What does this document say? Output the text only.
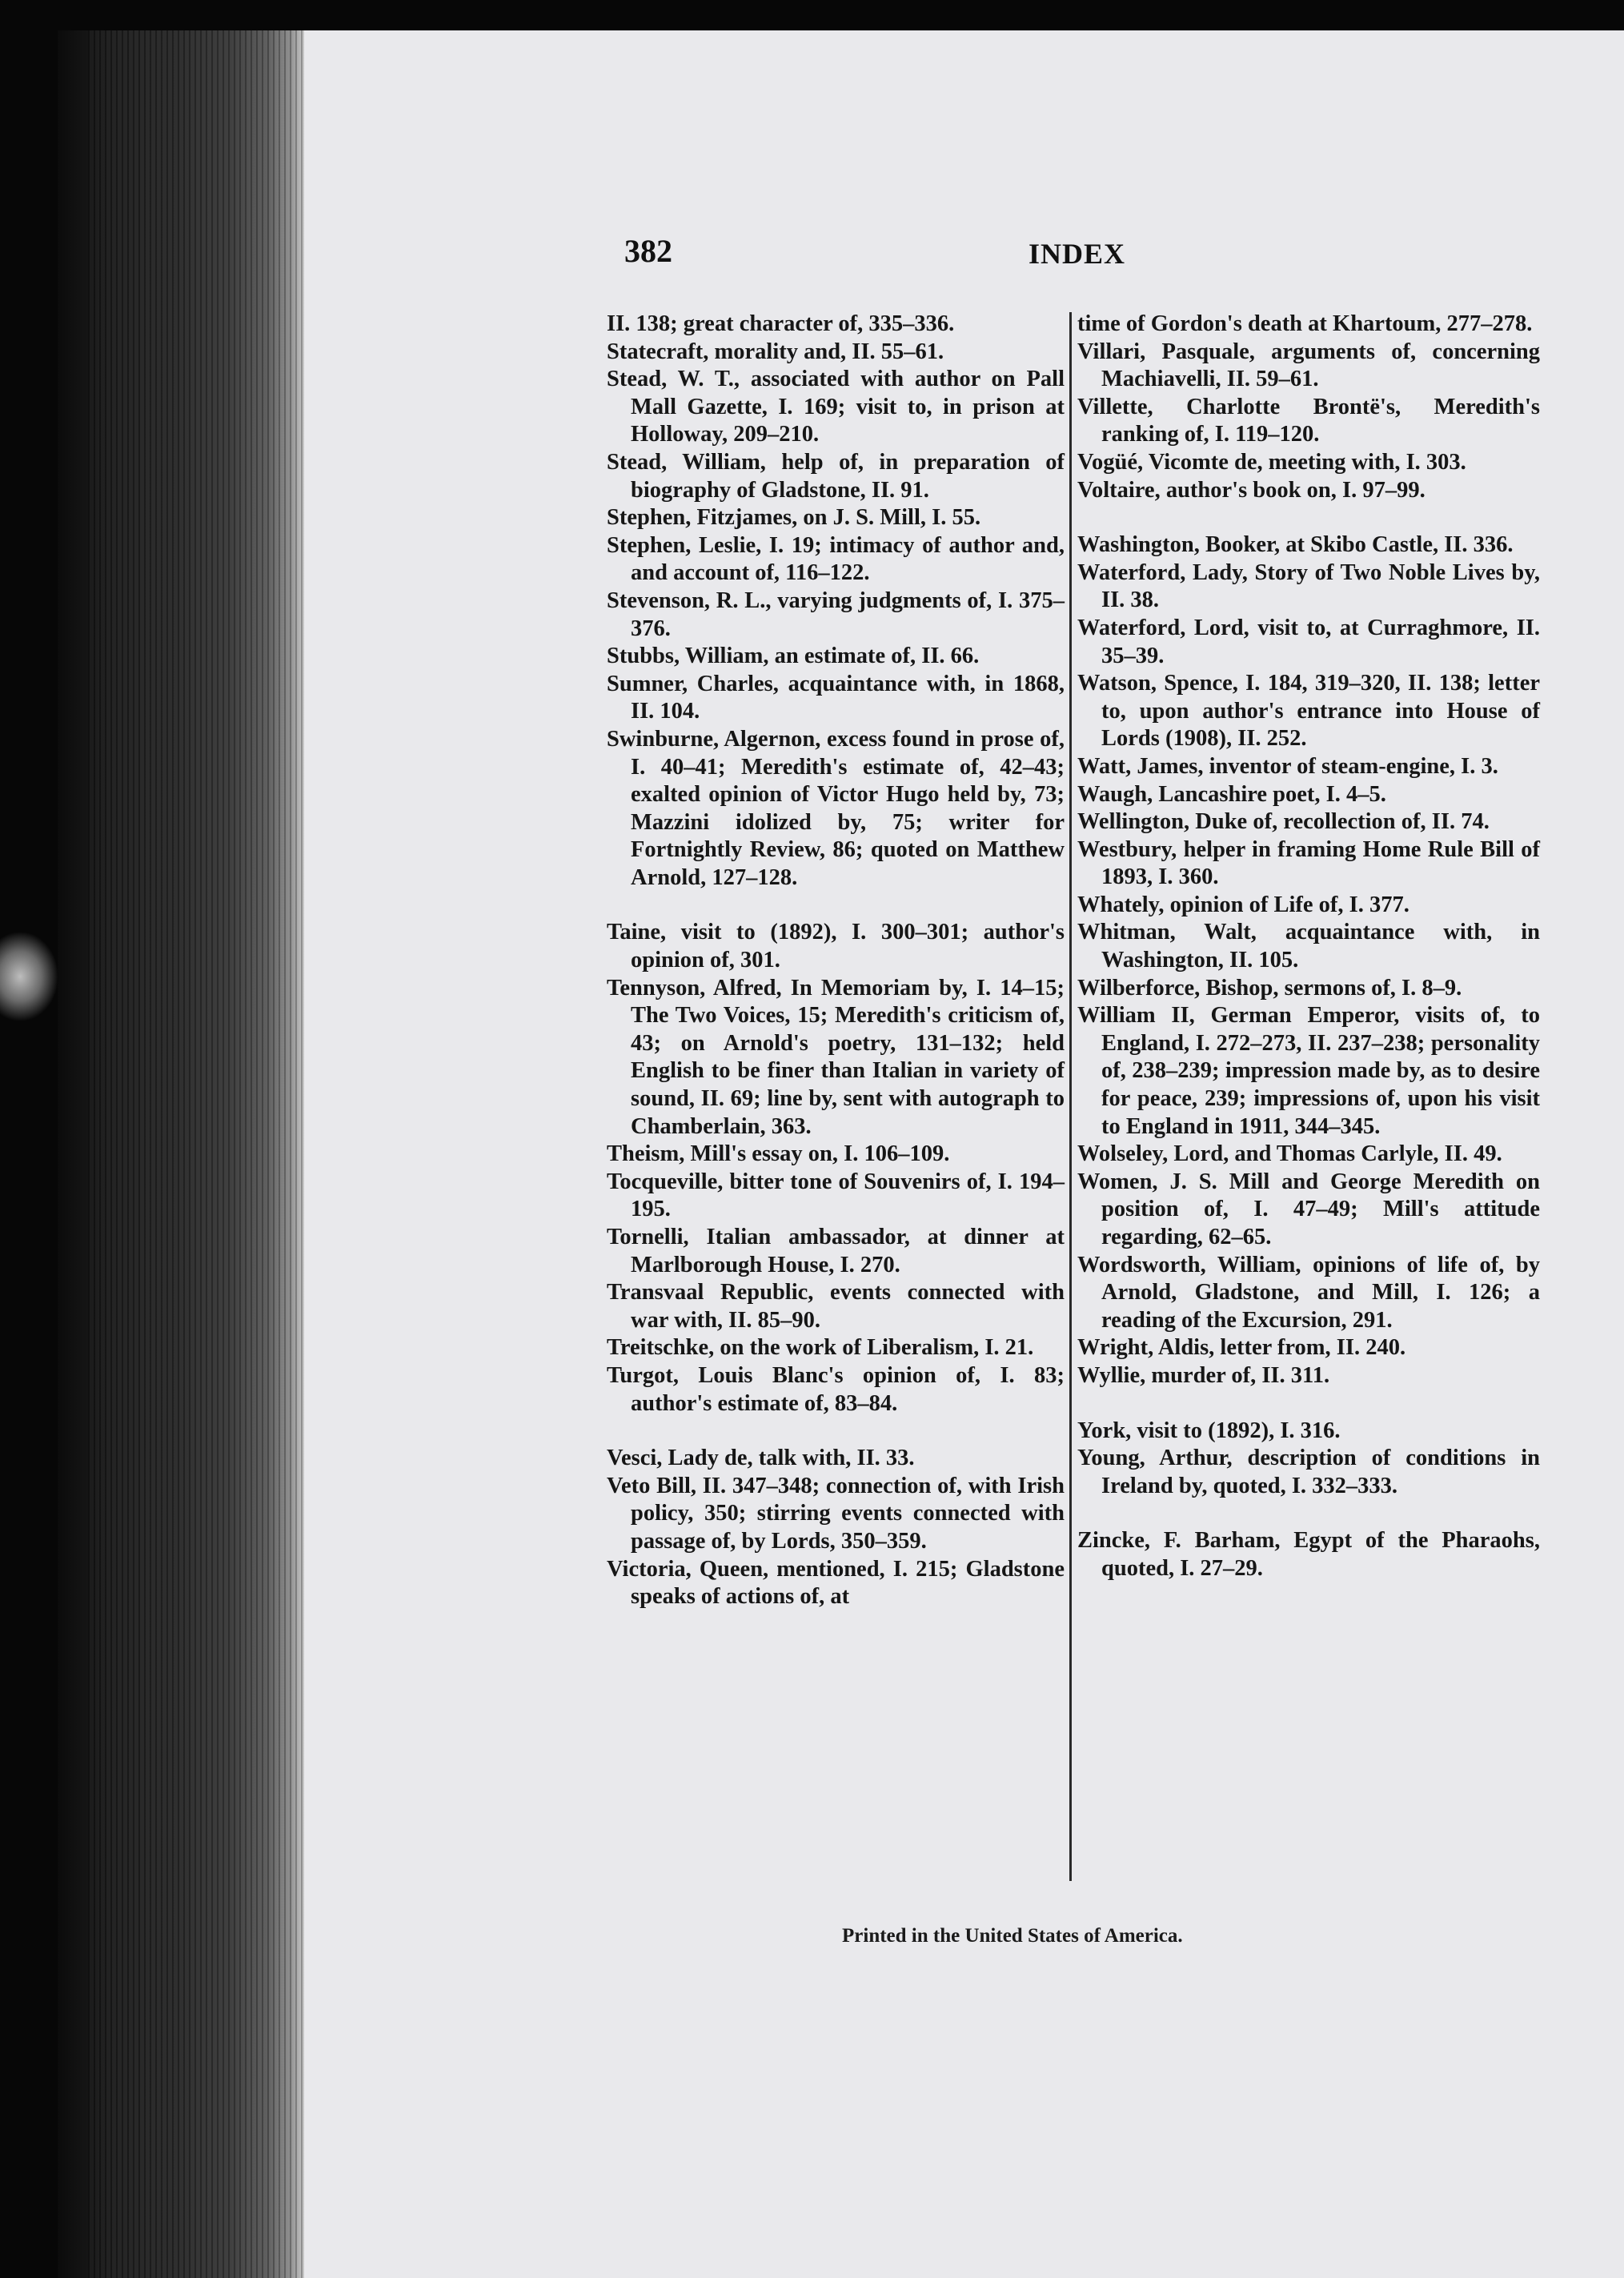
382	INDEX
II. 138; great character of, 335–336.
Statecraft, morality and, II. 55–61.
Stead, W. T., associated with author on Pall Mall Gazette, I. 169; visit to, in prison at Holloway, 209–210.
Stead, William, help of, in preparation of biography of Gladstone, II. 91.
Stephen, Fitzjames, on J. S. Mill, I. 55.
Stephen, Leslie, I. 19; intimacy of author and, and account of, 116–122.
Stevenson, R. L., varying judgments of, I. 375–376.
Stubbs, William, an estimate of, II. 66.
Sumner, Charles, acquaintance with, in 1868, II. 104.
Swinburne, Algernon, excess found in prose of, I. 40–41; Meredith's estimate of, 42–43; exalted opinion of Victor Hugo held by, 73; Mazzini idolized by, 75; writer for Fortnightly Review, 86; quoted on Matthew Arnold, 127–128.
Taine, visit to (1892), I. 300–301; author's opinion of, 301.
Tennyson, Alfred, In Memoriam by, I. 14–15; The Two Voices, 15; Meredith's criticism of, 43; on Arnold's poetry, 131–132; held English to be finer than Italian in variety of sound, II. 69; line by, sent with autograph to Chamberlain, 363.
Theism, Mill's essay on, I. 106–109.
Tocqueville, bitter tone of Souvenirs of, I. 194–195.
Tornelli, Italian ambassador, at dinner at Marlborough House, I. 270.
Transvaal Republic, events connected with war with, II. 85–90.
Treitschke, on the work of Liberalism, I. 21.
Turgot, Louis Blanc's opinion of, I. 83; author's estimate of, 83–84.
Vesci, Lady de, talk with, II. 33.
Veto Bill, II. 347–348; connection of, with Irish policy, 350; stirring events connected with passage of, by Lords, 350–359.
Victoria, Queen, mentioned, I. 215; Gladstone speaks of actions of, at
time of Gordon's death at Khartoum, 277–278.
Villari, Pasquale, arguments of, concerning Machiavelli, II. 59–61.
Villette, Charlotte Brontë's, Meredith's ranking of, I. 119–120.
Vogüé, Vicomte de, meeting with, I. 303.
Voltaire, author's book on, I. 97–99.
Washington, Booker, at Skibo Castle, II. 336.
Waterford, Lady, Story of Two Noble Lives by, II. 38.
Waterford, Lord, visit to, at Curraghmore, II. 35–39.
Watson, Spence, I. 184, 319–320, II. 138; letter to, upon author's entrance into House of Lords (1908), II. 252.
Watt, James, inventor of steam-engine, I. 3.
Waugh, Lancashire poet, I. 4–5.
Wellington, Duke of, recollection of, II. 74.
Westbury, helper in framing Home Rule Bill of 1893, I. 360.
Whately, opinion of Life of, I. 377.
Whitman, Walt, acquaintance with, in Washington, II. 105.
Wilberforce, Bishop, sermons of, I. 8–9.
William II, German Emperor, visits of, to England, I. 272–273, II. 237–238; personality of, 238–239; impression made by, as to desire for peace, 239; impressions of, upon his visit to England in 1911, 344–345.
Wolseley, Lord, and Thomas Carlyle, II. 49.
Women, J. S. Mill and George Meredith on position of, I. 47–49; Mill's attitude regarding, 62–65.
Wordsworth, William, opinions of life of, by Arnold, Gladstone, and Mill, I. 126; a reading of the Excursion, 291.
Wright, Aldis, letter from, II. 240.
Wyllie, murder of, II. 311.
York, visit to (1892), I. 316.
Young, Arthur, description of conditions in Ireland by, quoted, I. 332–333.
Zincke, F. Barham, Egypt of the Pharaohs, quoted, I. 27–29.
Printed in the United States of America.
